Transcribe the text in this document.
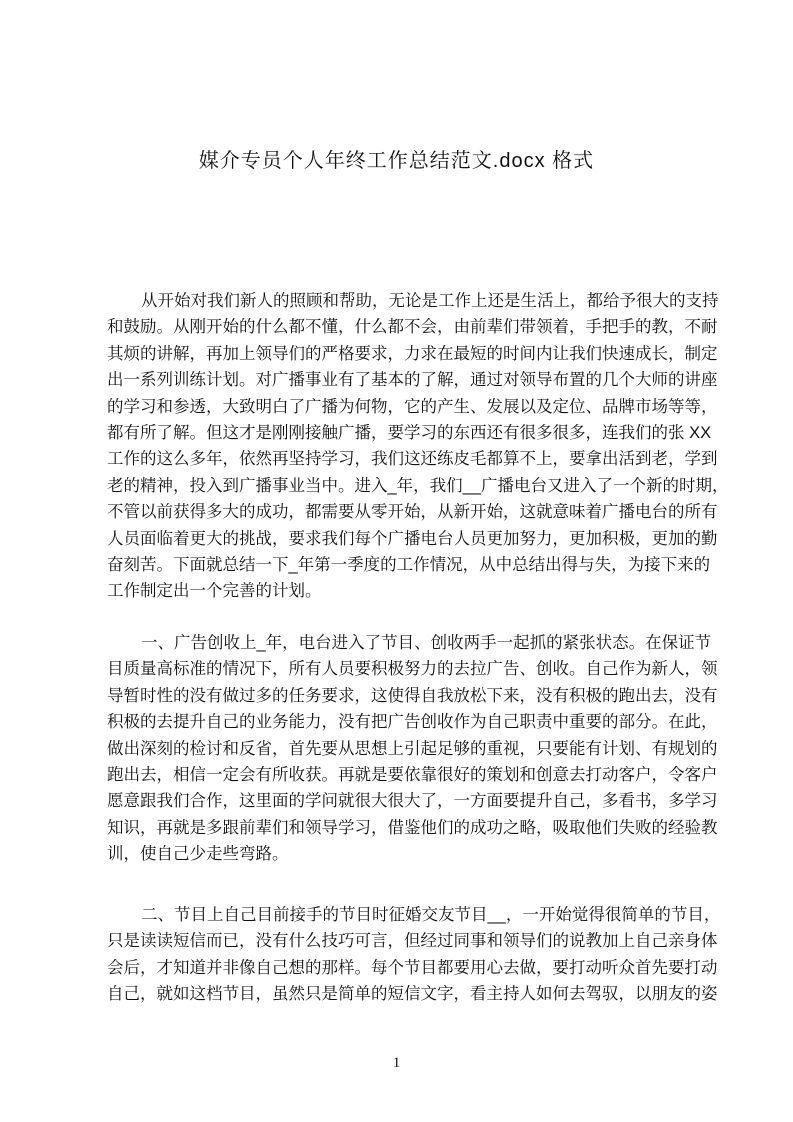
媒介专员个人年终工作总结范文.docx 格式
从开始对我们新人的照顾和帮助，无论是工作上还是生活上，都给予很大的支持
和鼓励。从刚开始的什么都不懂，什么都不会，由前辈们带领着，手把手的教，不耐
其烦的讲解，再加上领导们的严格要求，力求在最短的时间内让我们快速成长，制定
出一系列训练计划。对广播事业有了基本的了解，通过对领导布置的几个大师的讲座
的学习和参透，大致明白了广播为何物，它的产生、发展以及定位、品牌市场等等，
都有所了解。但这才是刚刚接触广播，要学习的东西还有很多很多，连我们的张 XX
工作的这么多年，依然再坚持学习，我们这还练皮毛都算不上，要拿出活到老，学到
老的精神，投入到广播事业当中。进入_年，我们__广播电台又进入了一个新的时期，
不管以前获得多大的成功，都需要从零开始，从新开始，这就意味着广播电台的所有
人员面临着更大的挑战，要求我们每个广播电台人员更加努力，更加积极，更加的勤
奋刻苦。下面就总结一下_年第一季度的工作情况，从中总结出得与失，为接下来的
工作制定出一个完善的计划。
一、广告创收上_年，电台进入了节目、创收两手一起抓的紧张状态。在保证节
目质量高标准的情况下，所有人员要积极努力的去拉广告、创收。自己作为新人，领
导暂时性的没有做过多的任务要求，这使得自我放松下来，没有积极的跑出去，没有
积极的去提升自己的业务能力，没有把广告创收作为自己职责中重要的部分。在此，
做出深刻的检讨和反省，首先要从思想上引起足够的重视，只要能有计划、有规划的
跑出去，相信一定会有所收获。再就是要依靠很好的策划和创意去打动客户，令客户
愿意跟我们合作，这里面的学问就很大很大了，一方面要提升自己，多看书，多学习
知识，再就是多跟前辈们和领导学习，借鉴他们的成功之略，吸取他们失败的经验教
训，使自己少走些弯路。
二、节目上自己目前接手的节目时征婚交友节目__，一开始觉得很简单的节目，
只是读读短信而已，没有什么技巧可言，但经过同事和领导们的说教加上自己亲身体
会后，才知道并非像自己想的那样。每个节目都要用心去做，要打动听众首先要打动
自己，就如这档节目，虽然只是简单的短信文字，看主持人如何去驾驭，以朋友的姿
1
